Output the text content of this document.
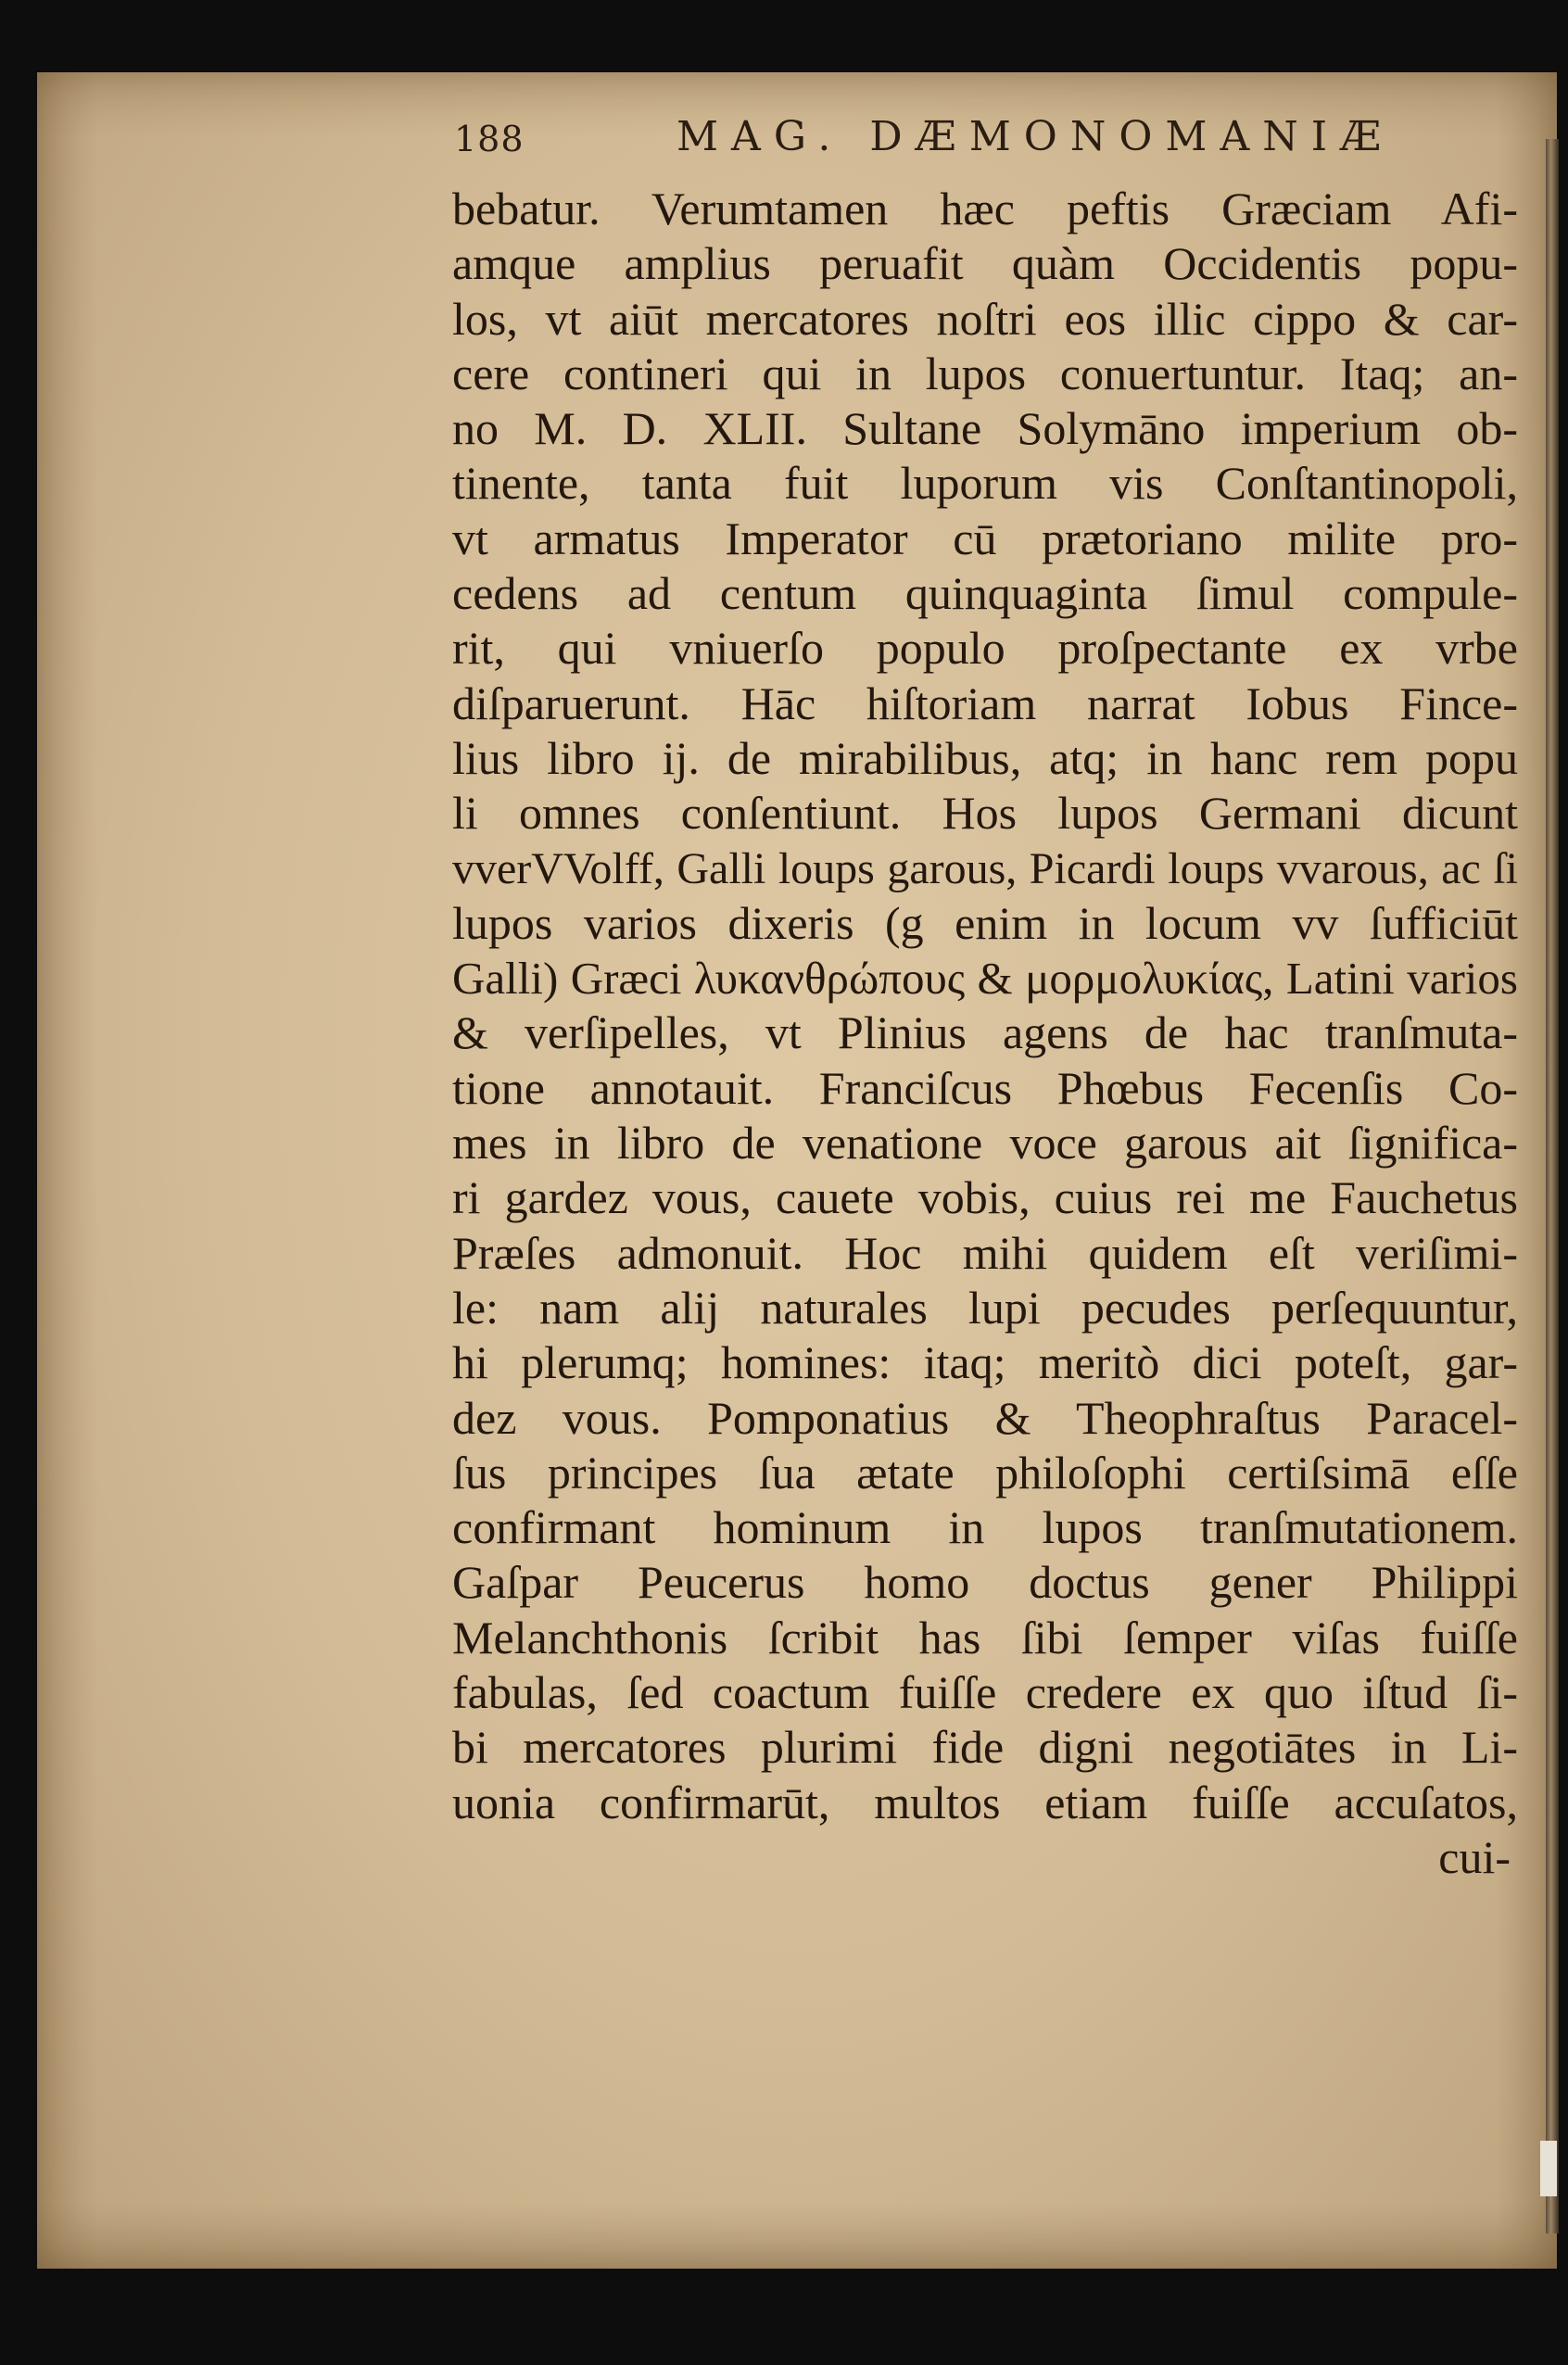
188	MAG. DÆMONOMANIÆ
bebatur. Verumtamen hæc peftis Græciam Afi-
amque amplius peruafit quàm Occidentis popu-
los, vt aiūt mercatores noſtri eos illic cippo & car-
cere contineri qui in lupos conuertuntur. Itaq; an-
no M. D. XLII. Sultane Solymāno imperium ob-
tinente, tanta fuit luporum vis Conſtantinopoli,
vt armatus Imperator cū prætoriano milite pro-
cedens ad centum quinquaginta ſimul compule-
rit, qui vniuerſo populo proſpectante ex vrbe
diſparuerunt. Hāc hiſtoriam narrat Iobus Fince-
lius libro ij. de mirabilibus, atq; in hanc rem popu
li omnes conſentiunt. Hos lupos Germani dicunt
vverVVolff, Galli loups garous, Picardi loups vvarous, ac ſi
lupos varios dixeris (g enim in locum vv ſufficiūt
Galli) Græci λυκανθρώπους & μορμολυκίας, Latini varios
& verſipelles, vt Plinius agens de hac tranſmuta-
tione annotauit. Franciſcus Phœbus Fecenſis Co-
mes in libro de venatione voce garous ait ſignifica-
ri gardez vous, cauete vobis, cuius rei me Fauchetus
Præſes admonuit. Hoc mihi quidem eſt veriſimi-
le: nam alij naturales lupi pecudes perſequuntur,
hi plerumq; homines: itaq; meritò dici poteſt, gar-
dez vous. Pomponatius & Theophraſtus Paracel-
ſus principes ſua ætate philoſophi certiſsimā eſſe
confirmant hominum in lupos tranſmutationem.
Gaſpar Peucerus homo doctus gener Philippi
Melanchthonis ſcribit has ſibi ſemper viſas fuiſſe
fabulas, ſed coactum fuiſſe credere ex quo iſtud ſi-
bi mercatores plurimi fide digni negotiātes in Li-
uonia confirmarūt, multos etiam fuiſſe accuſatos,
cui-
